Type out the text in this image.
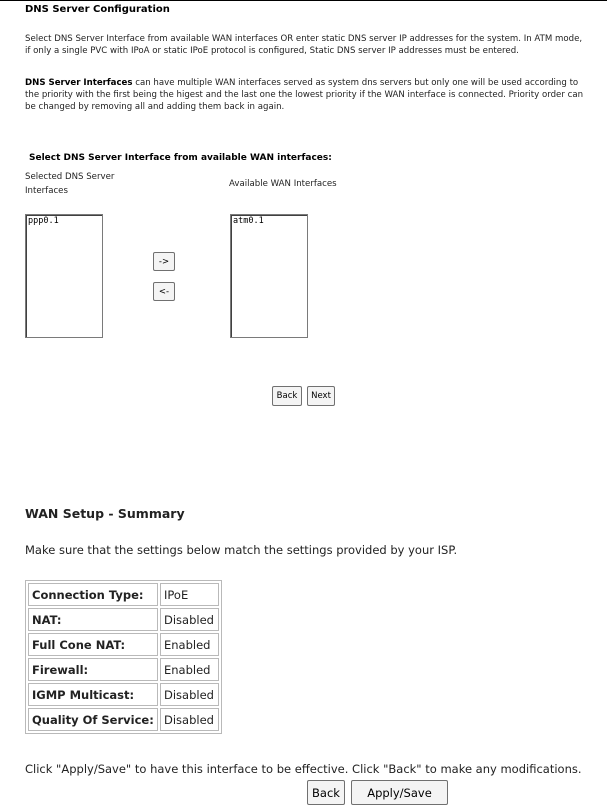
DNS Server Configuration
Select DNS Server Interface from available WAN interfaces OR enter static DNS server IP addresses for the system. In ATM mode, if only a single PVC with IPoA or static IPoE protocol is configured, Static DNS server IP addresses must be entered.
DNS Server Interfaces can have multiple WAN interfaces served as system dns servers but only one will be used according to the priority with the first being the higest and the last one the lowest priority if the WAN interface is connected. Priority order can be changed by removing all and adding them back in again.
Select DNS Server Interface from available WAN interfaces:
Selected DNS Server Interfaces
Available WAN Interfaces
ppp0.1
->
<-
atm0.1
Back	Next
WAN Setup - Summary
Make sure that the settings below match the settings provided by your ISP.
Connection Type:	IPoE
NAT:	Disabled
Full Cone NAT:	Enabled
Firewall:	Enabled
IGMP Multicast:	Disabled
Quality Of Service:	Disabled
Click "Apply/Save" to have this interface to be effective. Click "Back" to make any modifications.
Back	Apply/Save
